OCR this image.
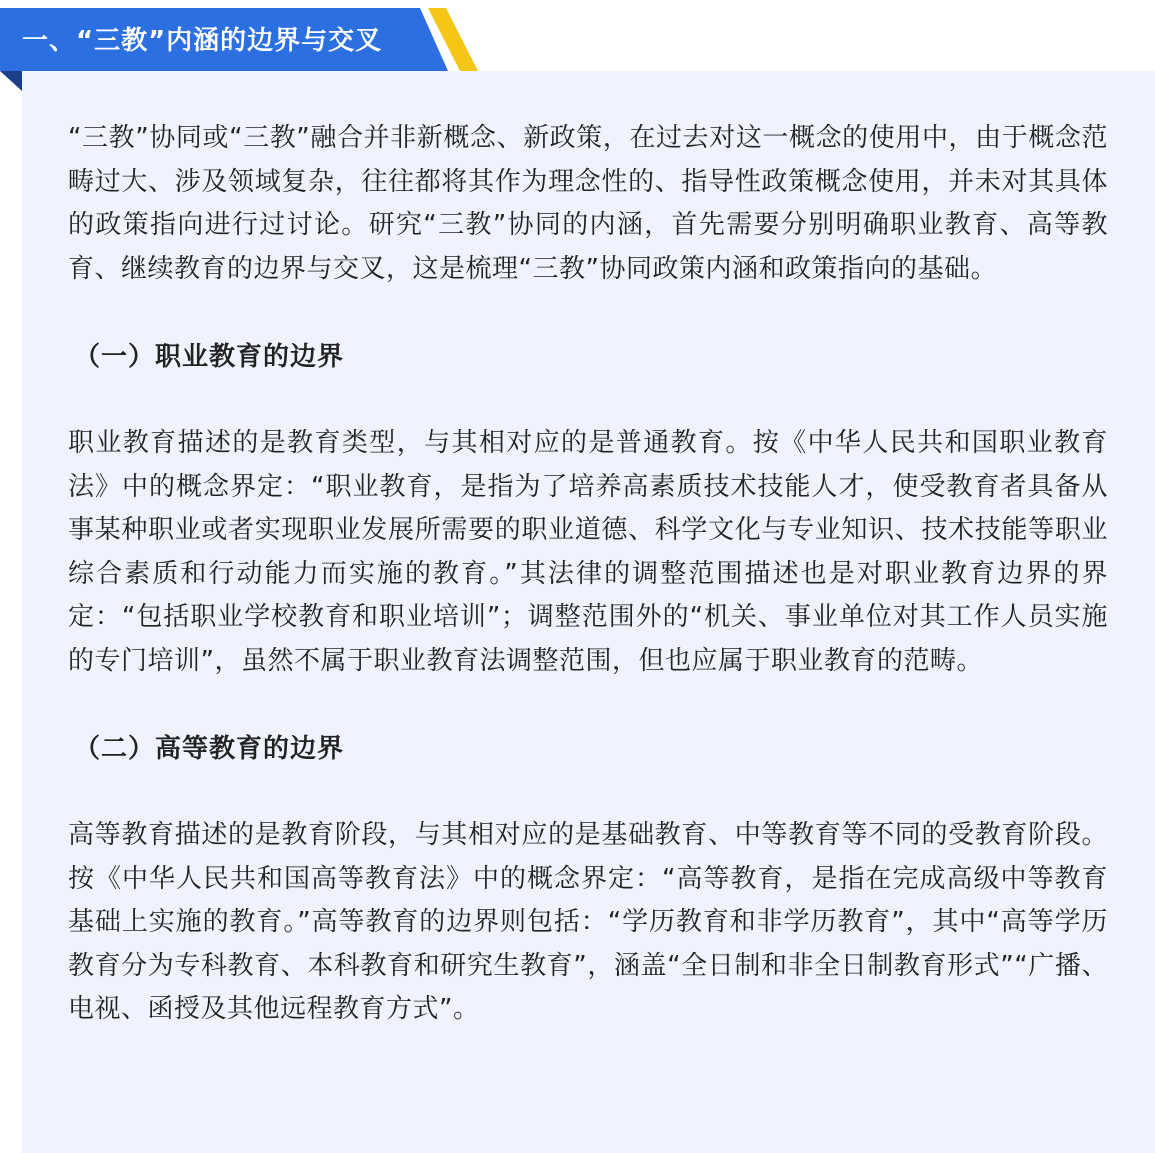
一、“三教”内涵的边界与交叉

“三教”协同或“三教”融合并非新概念、新政策，在过去对这一概念的使用中，由于概念范畴过大、涉及领域复杂，往往都将其作为理念性的、指导性政策概念使用，并未对其具体的政策指向进行过讨论。研究“三教”协同的内涵，首先需要分别明确职业教育、高等教育、继续教育的边界与交叉，这是梳理“三教”协同政策内涵和政策指向的基础。

（一）职业教育的边界

职业教育描述的是教育类型，与其相对应的是普通教育。按《中华人民共和国职业教育法》中的概念界定：“职业教育，是指为了培养高素质技术技能人才，使受教育者具备从事某种职业或者实现职业发展所需要的职业道德、科学文化与专业知识、技术技能等职业综合素质和行动能力而实施的教育。”其法律的调整范围描述也是对职业教育边界的界定：“包括职业学校教育和职业培训”；调整范围外的“机关、事业单位对其工作人员实施的专门培训”，虽然不属于职业教育法调整范围，但也应属于职业教育的范畴。

（二）高等教育的边界

高等教育描述的是教育阶段，与其相对应的是基础教育、中等教育等不同的受教育阶段。按《中华人民共和国高等教育法》中的概念界定：“高等教育，是指在完成高级中等教育基础上实施的教育。”高等教育的边界则包括：“学历教育和非学历教育”，其中“高等学历教育分为专科教育、本科教育和研究生教育”，涵盖“全日制和非全日制教育形式”“广播、电视、函授及其他远程教育方式”。
